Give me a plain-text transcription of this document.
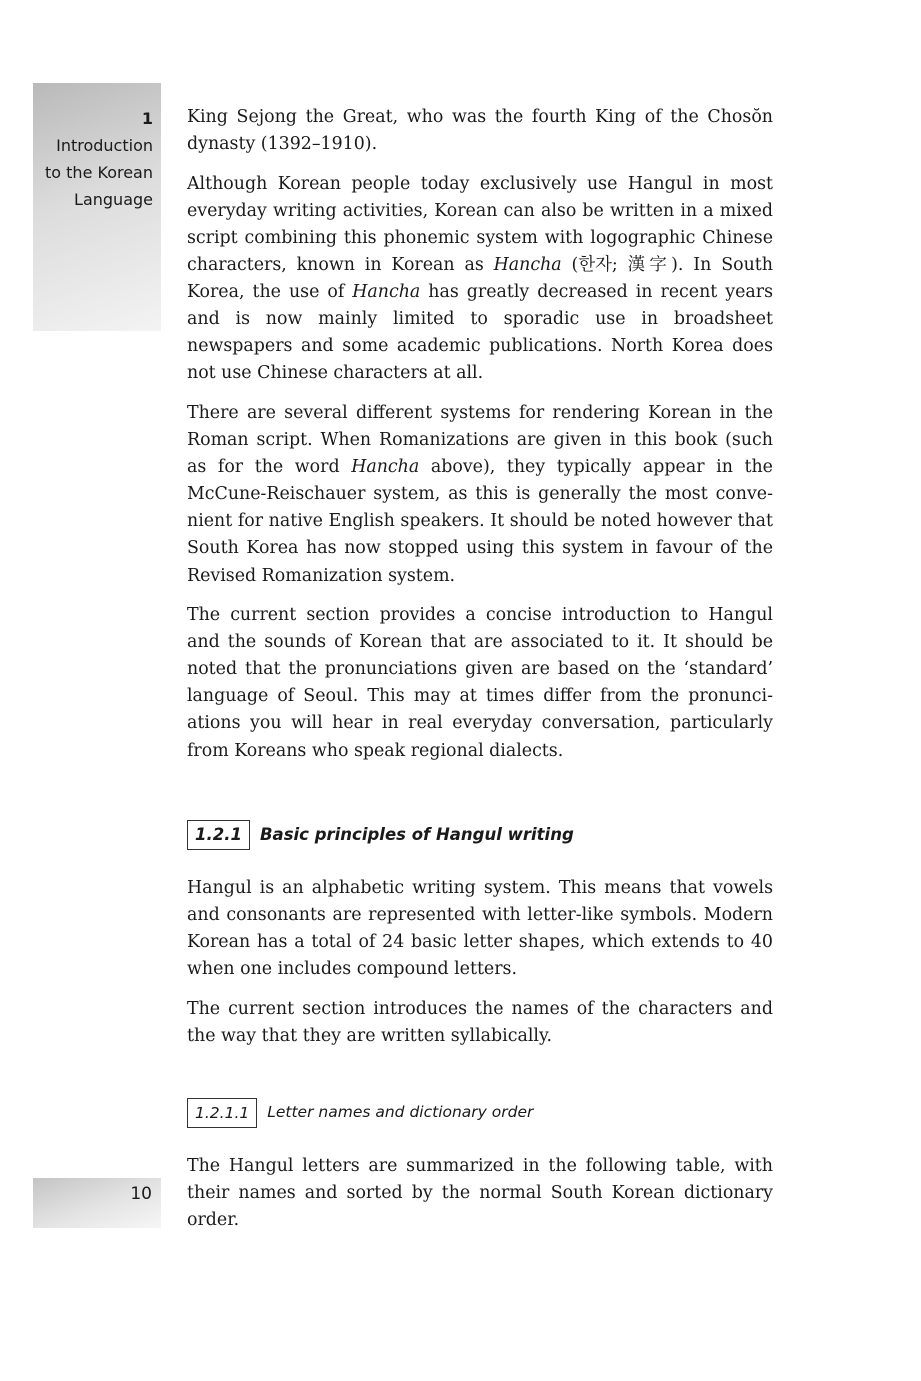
1
Introduction
to the Korean
Language
10

King Sejong the Great, who was the fourth King of the Chosŏn dynasty (1392–1910).

Although Korean people today exclusively use Hangul in most everyday writing activities, Korean can also be written in a mixed script combining this phonemic system with logographic Chinese characters, known in Korean as Hancha (한자; 漢字). In South Korea, the use of Hancha has greatly decreased in recent years and is now mainly limited to sporadic use in broadsheet newspapers and some academic publications. North Korea does not use Chinese characters at all.

There are several different systems for rendering Korean in the Roman script. When Romanizations are given in this book (such as for the word Hancha above), they typically appear in the McCune-Reischauer system, as this is generally the most convenient for native English speakers. It should be noted however that South Korea has now stopped using this system in favour of the Revised Romanization system.

The current section provides a concise introduction to Hangul and the sounds of Korean that are associated to it. It should be noted that the pronunciations given are based on the ‘standard’ language of Seoul. This may at times differ from the pronunciations you will hear in real everyday conversation, particularly from Koreans who speak regional dialects.

1.2.1	Basic principles of Hangul writing

Hangul is an alphabetic writing system. This means that vowels and consonants are represented with letter-like symbols. Modern Korean has a total of 24 basic letter shapes, which extends to 40 when one includes compound letters.

The current section introduces the names of the characters and the way that they are written syllabically.

1.2.1.1	Letter names and dictionary order

The Hangul letters are summarized in the following table, with their names and sorted by the normal South Korean dictionary order.
